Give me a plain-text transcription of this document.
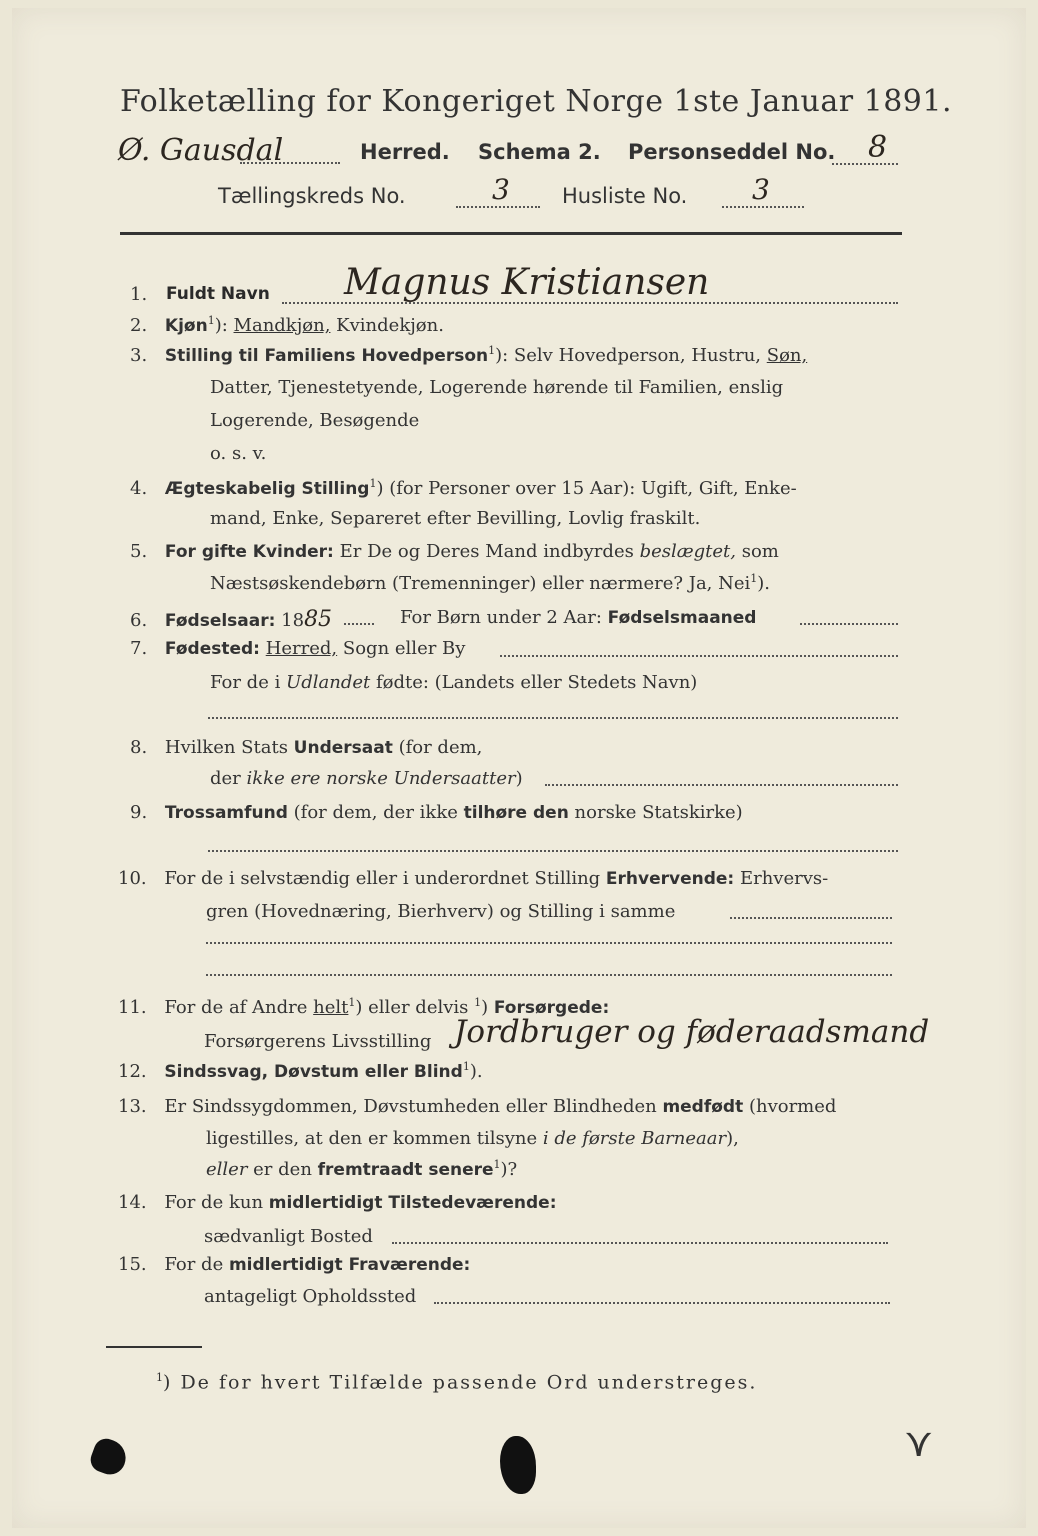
Folketælling for Kongeriget Norge 1ste Januar 1891.
Ø. Gausdal	Herred. Schema 2. Personseddel No. 8
Tællingskreds No.	3 Husliste No. 3
1. Fuldt Navn Magnus Kristiansen
2. Kjøn$^1$): Mandkjøn, Kvindekjøn.
3. Stilling til Familiens Hovedperson$^1$): Selv Hovedperson, Hustru, Søn,
Datter, Tjenestetyende, Logerende hørende til Familien, enslig
Logerende, Besøgende
o. s. v.
4. Ægteskabelig Stilling$^1$) (for Personer over 15 Aar): Ugift, Gift, Enke-
mand, Enke, Separeret efter Bevilling, Lovlig fraskilt.
5. For gifte Kvinder: Er De og Deres Mand indbyrdes beslægtet, som
Næstsøskendebørn (Tremenninger) eller nærmere? Ja, Nei$^1$).
6. Fødselsaar: 1885	For Børn under 2 Aar: Fødselsmaaned
7. Fødested: Herred, Sogn eller By
For de i Udlandet fødte: (Landets eller Stedets Navn)
8. Hvilken Stats Undersaat (for dem,
der ikke ere norske Undersaatter)
9. Trossamfund (for dem, der ikke tilhøre den norske Statskirke)
10. For de i selvstændig eller i underordnet Stilling Erhvervende: Erhvervs-
gren (Hovednæring, Bierhverv) og Stilling i samme
11. For de af Andre helt$^1$) eller delvis $^1$) Forsørgede:
Forsørgerens Livsstilling Jordbruger og føderaadsmand
12. Sindssvag, Døvstum eller Blind$^1$).
13. Er Sindssygdommen, Døvstumheden eller Blindheden medfødt (hvormed
ligestilles, at den er kommen tilsyne i de første Barneaar),
eller er den fremtraadt senere$^1$)?
14. For de kun midlertidigt Tilstedeværende:
sædvanligt Bosted
15. For de midlertidigt Fraværende:
antageligt Opholdssted
$^1$) De for hvert Tilfælde passende Ord understreges.
⋎
